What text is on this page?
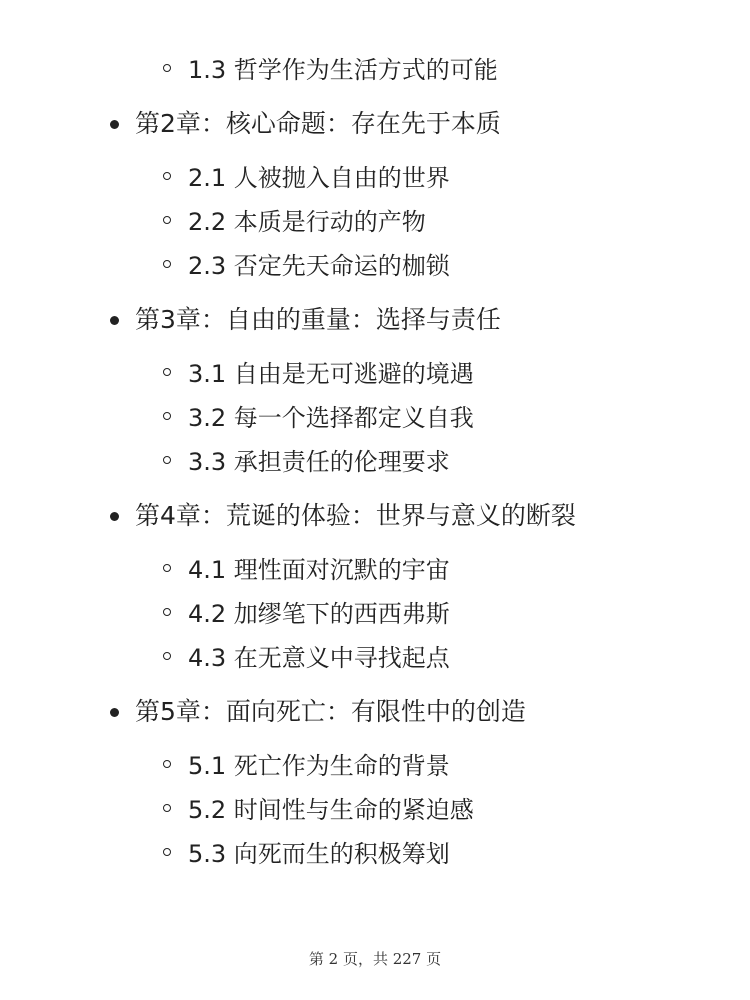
1.3 哲学作为生活方式的可能
第2章：核心命题：存在先于本质
2.1 人被抛入自由的世界
2.2 本质是行动的产物
2.3 否定先天命运的枷锁
第3章：自由的重量：选择与责任
3.1 自由是无可逃避的境遇
3.2 每一个选择都定义自我
3.3 承担责任的伦理要求
第4章：荒诞的体验：世界与意义的断裂
4.1 理性面对沉默的宇宙
4.2 加缪笔下的西西弗斯
4.3 在无意义中寻找起点
第5章：面向死亡：有限性中的创造
5.1 死亡作为生命的背景
5.2 时间性与生命的紧迫感
5.3 向死而生的积极筹划
第 2 页，共 227 页
